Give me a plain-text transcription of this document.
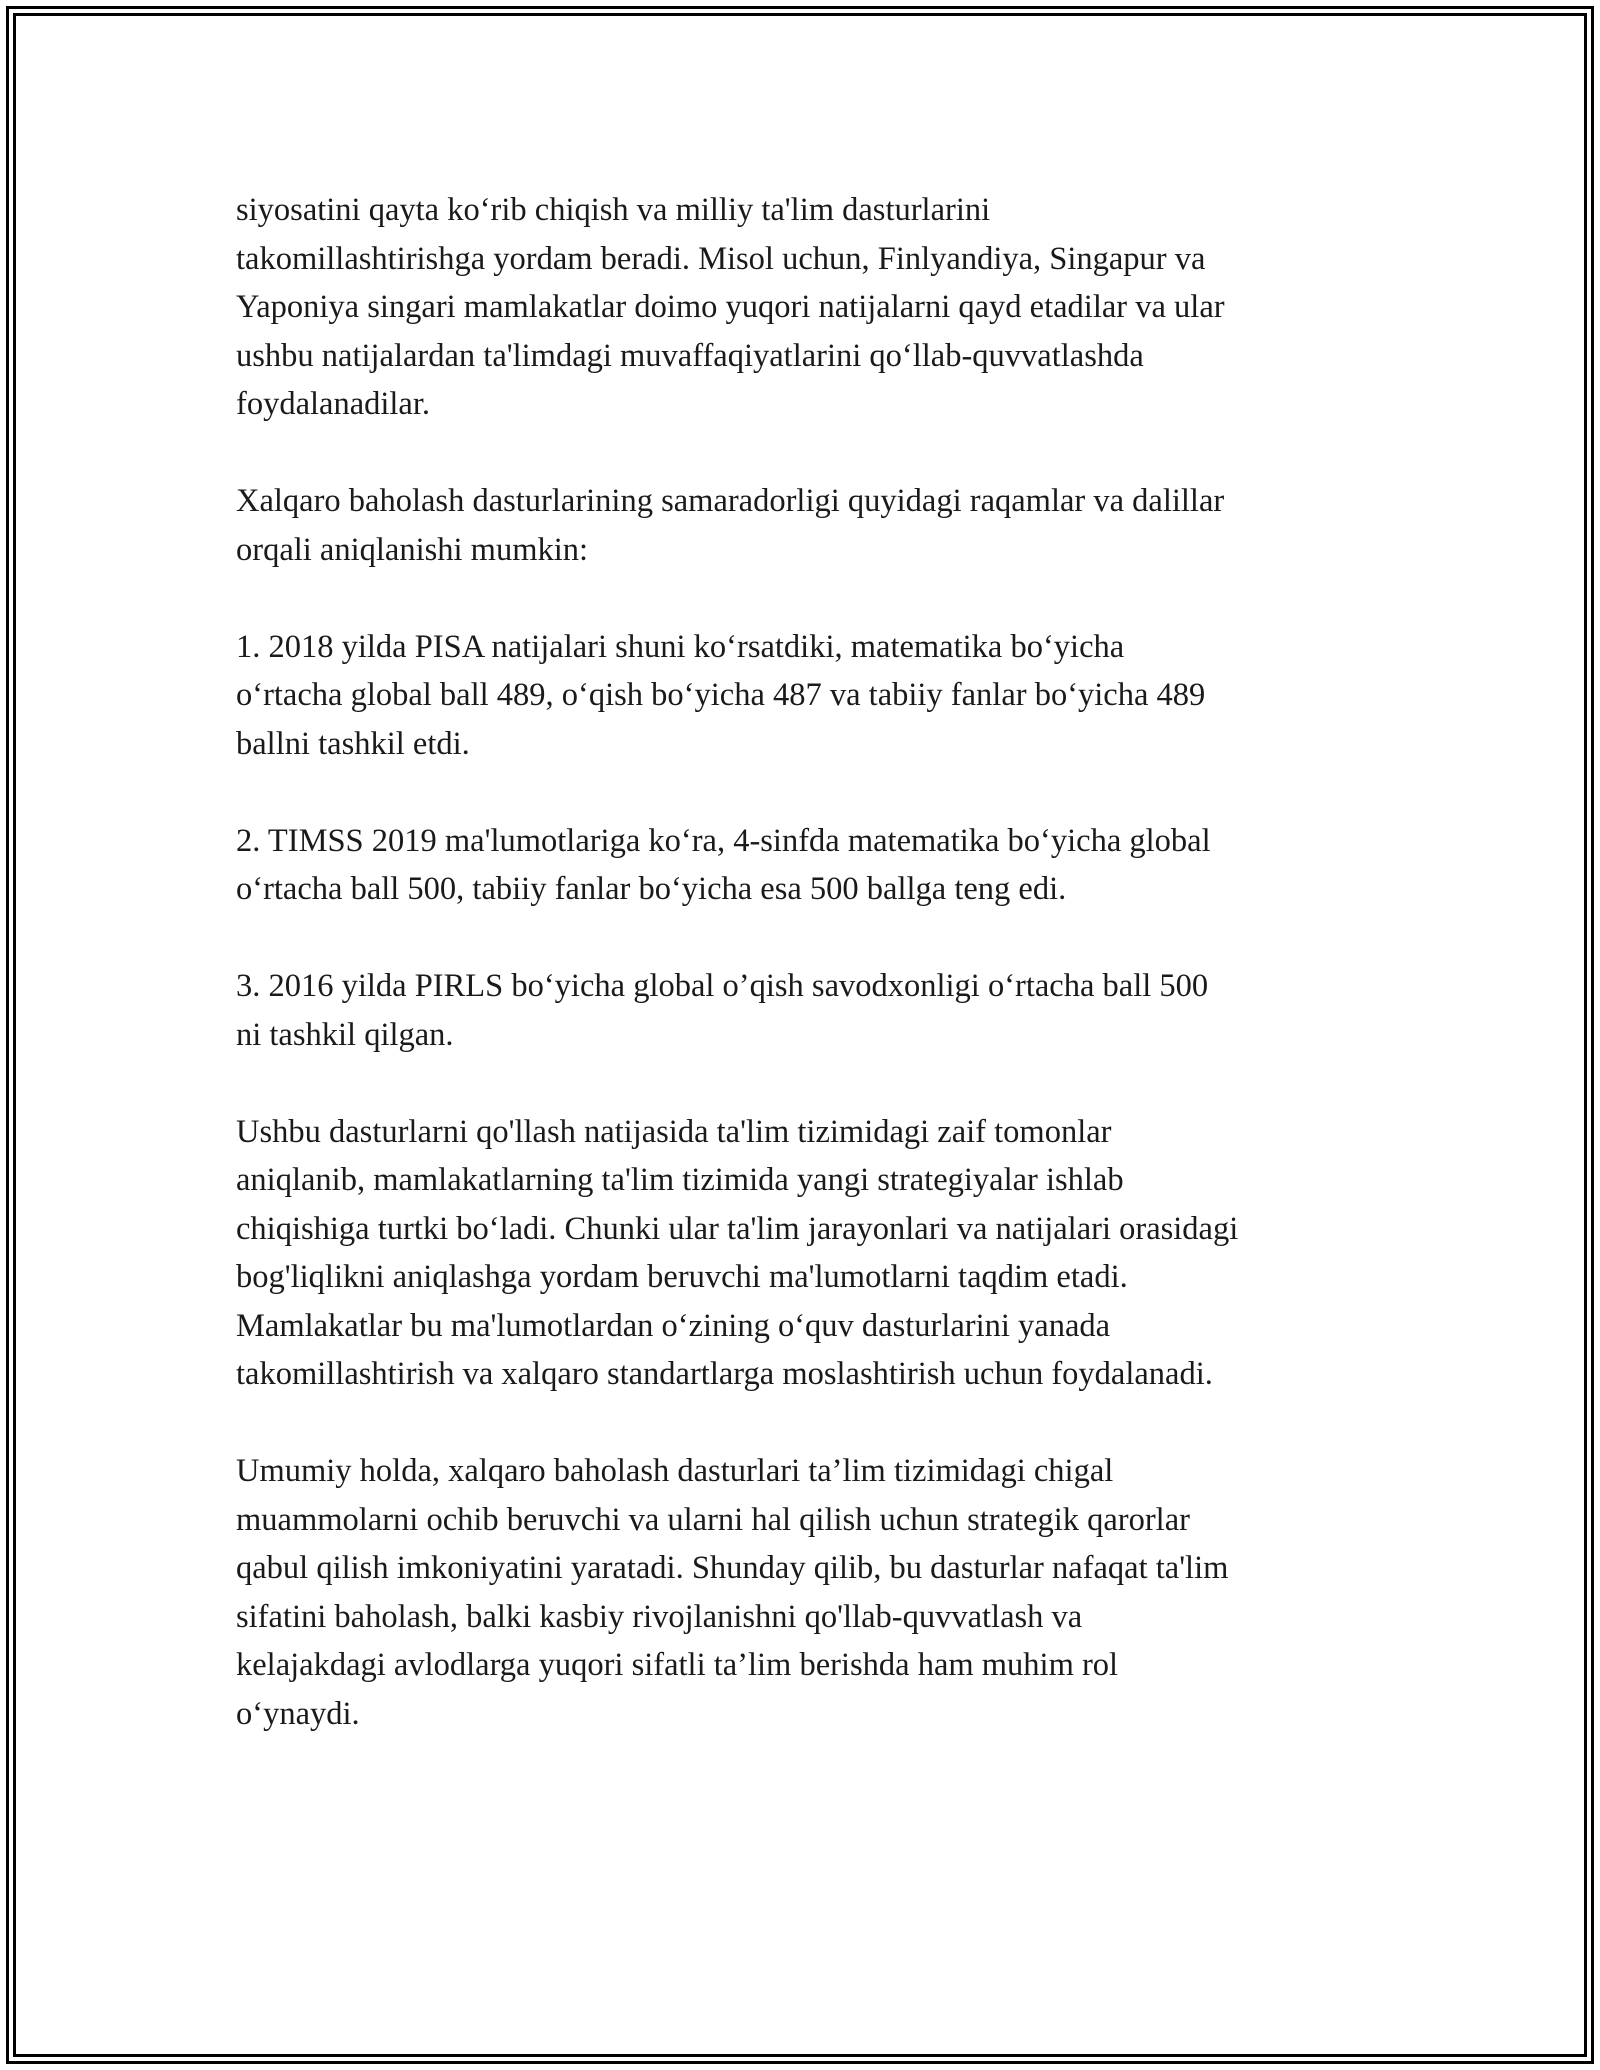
siyosatini qayta ko‘rib chiqish va milliy ta'lim dasturlarini
takomillashtirishga yordam beradi. Misol uchun, Finlyandiya, Singapur va
Yaponiya singari mamlakatlar doimo yuqori natijalarni qayd etadilar va ular
ushbu natijalardan ta'limdagi muvaffaqiyatlarini qo‘llab-quvvatlashda
foydalanadilar.

Xalqaro baholash dasturlarining samaradorligi quyidagi raqamlar va dalillar
orqali aniqlanishi mumkin:

1. 2018 yilda PISA natijalari shuni ko‘rsatdiki, matematika bo‘yicha
o‘rtacha global ball 489, o‘qish bo‘yicha 487 va tabiiy fanlar bo‘yicha 489
ballni tashkil etdi.

2. TIMSS 2019 ma'lumotlariga ko‘ra, 4-sinfda matematika bo‘yicha global
o‘rtacha ball 500, tabiiy fanlar bo‘yicha esa 500 ballga teng edi.

3. 2016 yilda PIRLS bo‘yicha global o’qish savodxonligi o‘rtacha ball 500
ni tashkil qilgan.

Ushbu dasturlarni qo'llash natijasida ta'lim tizimidagi zaif tomonlar
aniqlanib, mamlakatlarning ta'lim tizimida yangi strategiyalar ishlab
chiqishiga turtki bo‘ladi. Chunki ular ta'lim jarayonlari va natijalari orasidagi
bog'liqlikni aniqlashga yordam beruvchi ma'lumotlarni taqdim etadi.
Mamlakatlar bu ma'lumotlardan o‘zining o‘quv dasturlarini yanada
takomillashtirish va xalqaro standartlarga moslashtirish uchun foydalanadi.

Umumiy holda, xalqaro baholash dasturlari ta’lim tizimidagi chigal
muammolarni ochib beruvchi va ularni hal qilish uchun strategik qarorlar
qabul qilish imkoniyatini yaratadi. Shunday qilib, bu dasturlar nafaqat ta'lim
sifatini baholash, balki kasbiy rivojlanishni qo'llab-quvvatlash va
kelajakdagi avlodlarga yuqori sifatli ta’lim berishda ham muhim rol
o‘ynaydi.
